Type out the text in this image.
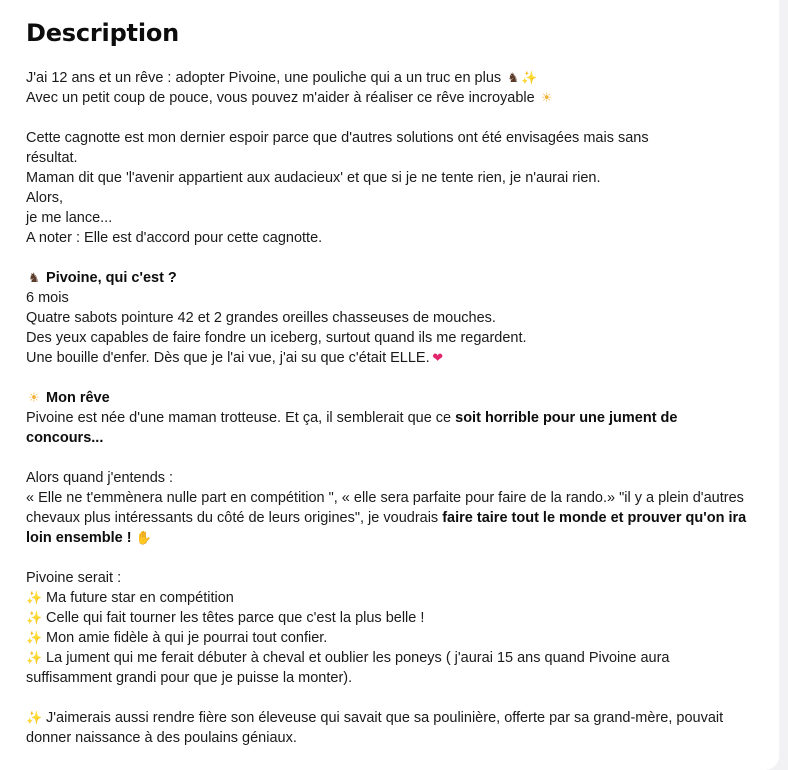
Description
J'ai 12 ans et un rêve : adopter Pivoine, une pouliche qui a un truc en plus ♞ ✨
Avec un petit coup de pouce, vous pouvez m'aider à réaliser ce rêve incroyable ☀
Cette cagnotte est mon dernier espoir parce que d'autres solutions ont été envisagées mais sans
résultat.
Maman dit que 'l'avenir appartient aux audacieux' et que si je ne tente rien, je n'aurai rien.
Alors,
je me lance...
A noter : Elle est d'accord pour cette cagnotte.
♞ Pivoine, qui c'est ?
6 mois
Quatre sabots pointure 42 et 2 grandes oreilles chasseuses de mouches.
Des yeux capables de faire fondre un iceberg, surtout quand ils me regardent.
Une bouille d'enfer. Dès que je l'ai vue, j'ai su que c'était ELLE. ❤
☀ Mon rêve
Pivoine est née d'une maman trotteuse. Et ça, il semblerait que ce soit horrible pour une jument de concours...
Alors quand j'entends :
« Elle ne t'emmènera nulle part en compétition ", « elle sera parfaite pour faire de la rando.» "il y a plein d'autres chevaux plus intéressants du côté de leurs origines", je voudrais faire taire tout le monde et prouver qu'on ira loin ensemble ! ✋
Pivoine serait :
✨ Ma future star en compétition
✨ Celle qui fait tourner les têtes parce que c'est la plus belle !
✨ Mon amie fidèle à qui je pourrai tout confier.
✨ La jument qui me ferait débuter à cheval et oublier les poneys ( j'aurai 15 ans quand Pivoine aura suffisamment grandi pour que je puisse la monter).
✨ J'aimerais aussi rendre fière son éleveuse qui savait que sa poulinière, offerte par sa grand-mère, pouvait donner naissance à des poulains géniaux.
